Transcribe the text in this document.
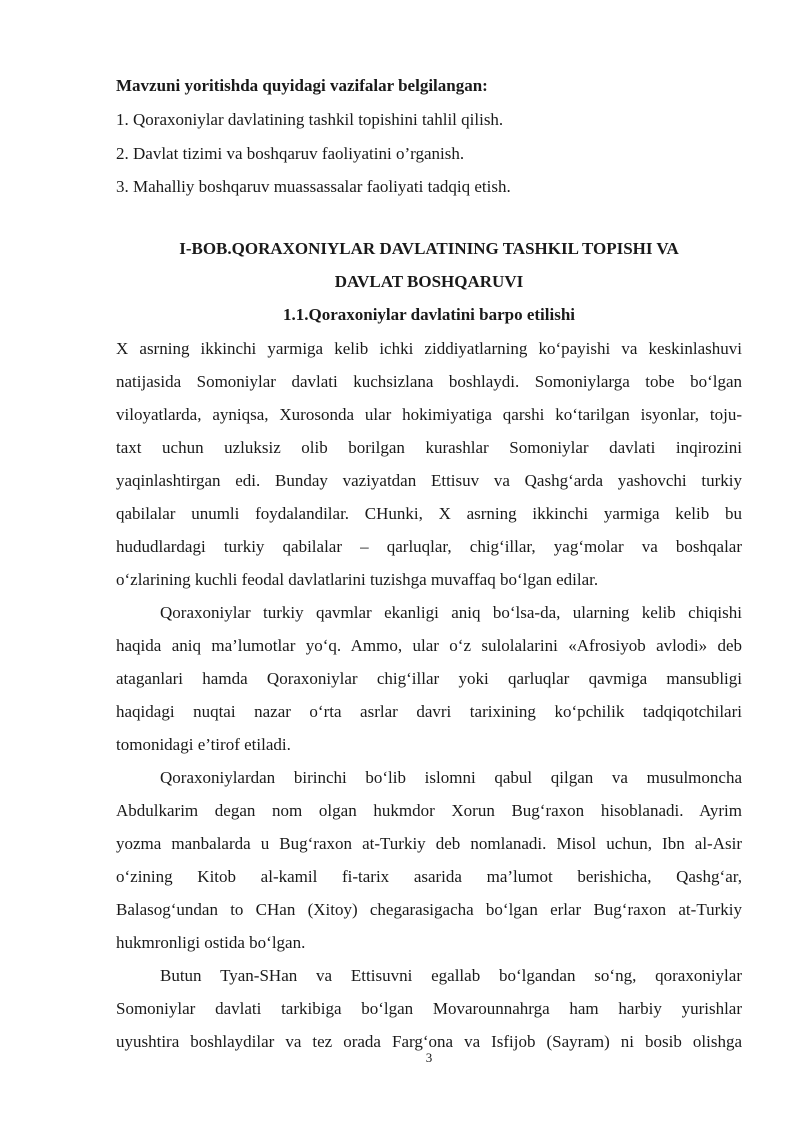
Mavzuni yoritishda quyidagi vazifalar belgilangan:
1. Qoraxoniylar davlatining tashkil topishini tahlil qilish.
2. Davlat tizimi va boshqaruv faoliyatini o’rganish.
3. Mahalliy boshqaruv muassassalar faoliyati tadqiq etish.
I-BOB.QORAXONIYLAR DAVLATINING TASHKIL TOPISHI VA
DAVLAT BOSHQARUVI
1.1.Qoraxoniylar davlatini barpo etilishi
X asrning ikkinchi yarmiga kelib ichki ziddiyatlarning ko‘payishi va keskinlashuvi
natijasida Somoniylar davlati kuchsizlana boshlaydi. Somoniylarga tobe bo‘lgan
viloyatlarda, ayniqsa, Xurosonda ular hokimiyatiga qarshi ko‘tarilgan isyonlar, toju-
taxt uchun uzluksiz olib borilgan kurashlar Somoniylar davlati inqirozini
yaqinlashtirgan edi. Bunday vaziyatdan Ettisuv va Qashg‘arda yashovchi turkiy
qabilalar unumli foydalandilar. CHunki, X asrning ikkinchi yarmiga kelib bu
hududlardagi turkiy qabilalar – qarluqlar, chig‘illar, yag‘molar va boshqalar
o‘zlarining kuchli feodal davlatlarini tuzishga muvaffaq bo‘lgan edilar.
Qoraxoniylar turkiy qavmlar ekanligi aniq bo‘lsa-da, ularning kelib chiqishi
haqida aniq ma’lumotlar yo‘q. Ammo, ular o‘z sulolalarini «Afrosiyob avlodi» deb
ataganlari hamda Qoraxoniylar chig‘illar yoki qarluqlar qavmiga mansubligi
haqidagi nuqtai nazar o‘rta asrlar davri tarixining ko‘pchilik tadqiqotchilari
tomonidagi e’tirof etiladi.
Qoraxoniylardan birinchi bo‘lib islomni qabul qilgan va musulmoncha
Abdulkarim degan nom olgan hukmdor Xorun Bug‘raxon hisoblanadi. Ayrim
yozma manbalarda u Bug‘raxon at-Turkiy deb nomlanadi. Misol uchun, Ibn al-Asir
o‘zining Kitob al-kamil fi-tarix asarida ma’lumot berishicha, Qashg‘ar,
Balasog‘undan to CHan (Xitoy) chegarasigacha bo‘lgan erlar Bug‘raxon at-Turkiy
hukmronligi ostida bo‘lgan.
Butun Tyan-SHan va Ettisuvni egallab bo‘lgandan so‘ng, qoraxoniylar
Somoniylar davlati tarkibiga bo‘lgan Movarounnahrga ham harbiy yurishlar
uyushtira boshlaydilar va tez orada Farg‘ona va Isfijob (Sayram) ni bosib olishga
3
